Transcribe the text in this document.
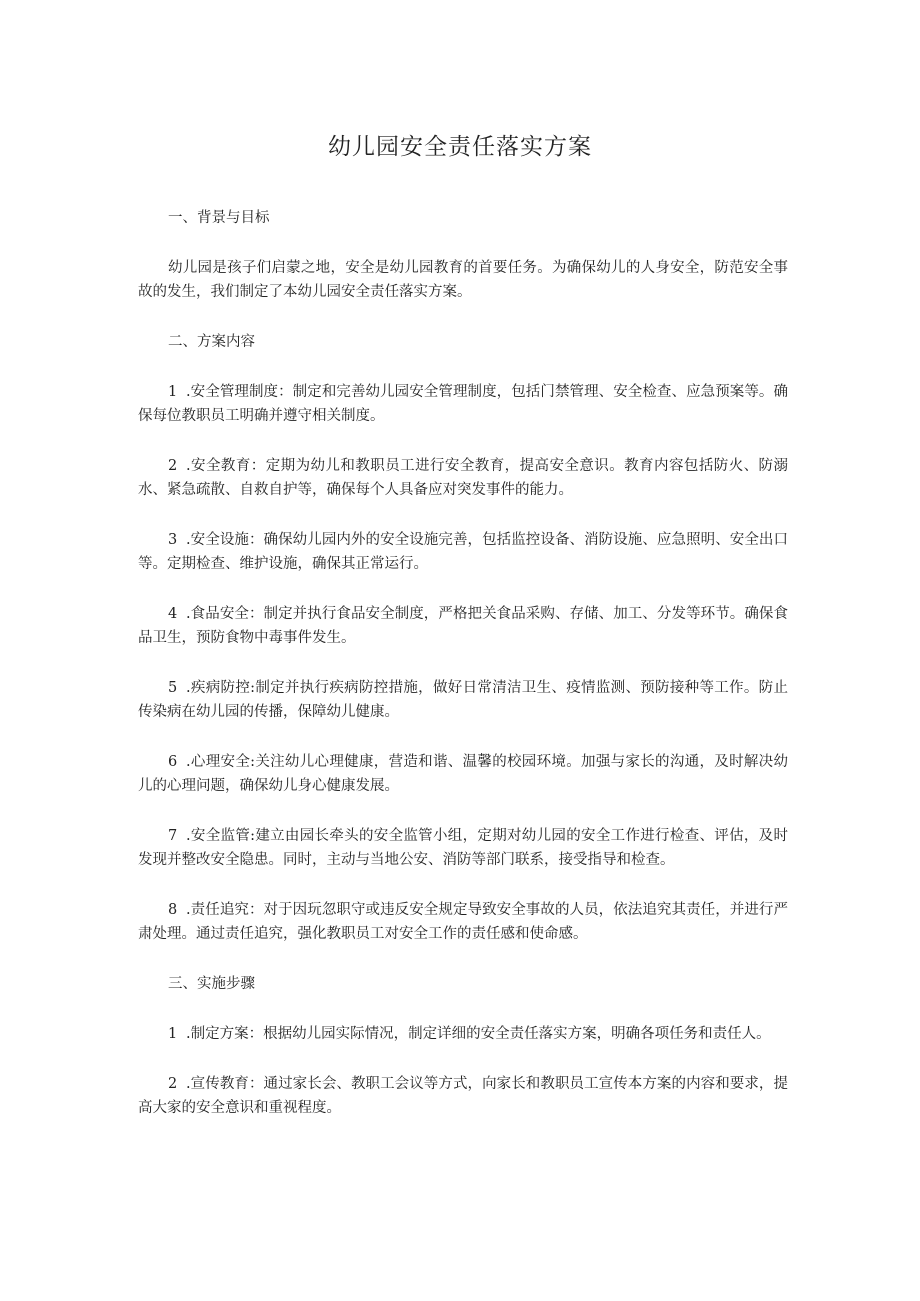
幼儿园安全责任落实方案
一、背景与目标
幼儿园是孩子们启蒙之地，安全是幼儿园教育的首要任务。为确保幼儿的人身安全，防范安全事故的发生，我们制定了本幼儿园安全责任落实方案。
二、方案内容
1 .安全管理制度：制定和完善幼儿园安全管理制度，包括门禁管理、安全检查、应急预案等。确保每位教职员工明确并遵守相关制度。
2 .安全教育：定期为幼儿和教职员工进行安全教育，提高安全意识。教育内容包括防火、防溺水、紧急疏散、自救自护等，确保每个人具备应对突发事件的能力。
3 .安全设施：确保幼儿园内外的安全设施完善，包括监控设备、消防设施、应急照明、安全出口等。定期检查、维护设施，确保其正常运行。
4 .食品安全：制定并执行食品安全制度，严格把关食品采购、存储、加工、分发等环节。确保食品卫生，预防食物中毒事件发生。
5 .疾病防控:制定并执行疾病防控措施，做好日常清洁卫生、疫情监测、预防接种等工作。防止传染病在幼儿园的传播，保障幼儿健康。
6 .心理安全:关注幼儿心理健康，营造和谐、温馨的校园环境。加强与家长的沟通，及时解决幼儿的心理问题，确保幼儿身心健康发展。
7 .安全监管:建立由园长牵头的安全监管小组，定期对幼儿园的安全工作进行检查、评估，及时发现并整改安全隐患。同时，主动与当地公安、消防等部门联系，接受指导和检查。
8 .责任追究：对于因玩忽职守或违反安全规定导致安全事故的人员，依法追究其责任，并进行严肃处理。通过责任追究，强化教职员工对安全工作的责任感和使命感。
三、实施步骤
1 .制定方案：根据幼儿园实际情况，制定详细的安全责任落实方案，明确各项任务和责任人。
2 .宣传教育：通过家长会、教职工会议等方式，向家长和教职员工宣传本方案的内容和要求，提高大家的安全意识和重视程度。
